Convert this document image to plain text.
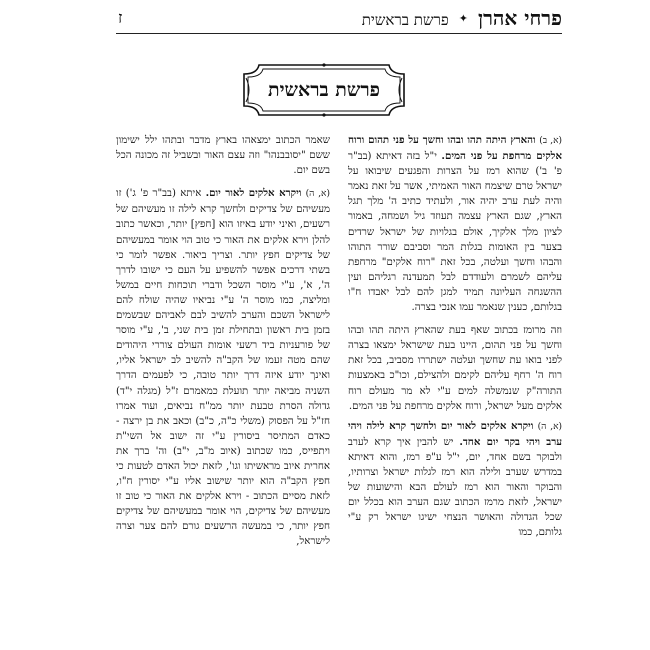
פרחי אהרן
✦
פרשת בראשית
ז
פרשת בראשית

(א, ב) והארץ היתה תהו ובהו וחשך על פני תהום ורוח אלקים מרחפת על פני המים. י"ל בזה דאיתא (בב"ר פ' ב') שהוא רמז על הצרות והפגעים שיבואו על ישראל טרם שיצמח האור האמיתי, אשר על זאת נאמר והיה לעת ערב יהיה אור, ולעתיד כתיב ה' מלך תגל הארץ, שגם הארץ עצמה תעוזד גיל ושמחה, באמור לציון מלך אלקיך, אולם בגלויות של ישראל שרדים בצער בין האומות בגלות המר וסביבם שורר התוהו והבהו וחשך ועלטה, בכל זאת "רוח אלקים" מרחפת עליהם לשמרם ולעודדם לבל תמעדנה רגליהם ועין ההשגחה העליונה תמיד למגן להם לבל יאבדו ח"ו בגלותם, כענין שנאמר עמו אנכי בצרה.

וזה מרומז בכתוב שאף בעת שהארץ היתה תהו ובהו וחשך על פני תהום, היינו בעת שישראל ימצאו בצרה לפני בואו עת שחשך ועלטה ישתררו מסביב, בכל זאת רוח ה' רחף עליהם לקימם ולהצילם, וכו"כ באמצעות התורה"ק שנמשלה למים ע"י לא מר מעולם רוח אלקים מעל ישראל, ורוח אלקים מרחפת על פני המים.

(א, ה) ויקרא אלקים לאור יום ולחשך קרא לילה ויהי ערב ויהי בקר יום אחד. יש להבין איך קרא לערב ולבוקר בשם אחד, יום, י"ל ע"פ רמז, והוא דאיתא במדרש שערב ולילה הוא רמז לגלות ישראל וצרותיו, והבוקר והאור הוא רמז לעולם הבא והישועות של ישראל, לזאת מרמז הכתוב שגם הערב הוא בכלל יום שכל הגדולה והאושר הנצחי ישיגו ישראל רק ע"י גלותם, כמו

שאמר הכתוב ימצאהו בארץ מדבר ובתהו ילל ישימון ששם "יסובבנהו" וזה עצם האור ובשביל זה מכונה הכל בשם יום.

(א, ה) ויקרא אלקים לאור יום. איתא (בב"ר פ' ג') זו מעשיהם של צדיקים ולחשך קרא לילה זו מעשיהם של רשעים, ואיני יודע באיזו הוא [חפץ] יותר, וכאשר כתוב להלן וירא אלקים את האור כי טוב הוי אומר במעשיהם של צדיקים חפץ יותר. וצריך ביאור. אפשר לומר כי בשתי דרכים אפשר להשפיע על העם כי ישובו לדרך ה', א', ע"י מוסר השכל ודברי תוכחות חיים במשל ומליצה, כמו מוסר ה' ע"י נביאיו שהיה שולח להם לישראל השכם והערב להשיב לבם לאביהם שבשמים בזמן בית ראשון ובתחילת זמן בית שני, ב', ע"י מוסר של פורעניות ביד רשעי אומות העולם צוררי היהודים שהם מטה זעמו של הקב"ה להשיב לב ישראל אליו, ואינך יודע איזה דרך יותר טובה, כי לפעמים הדרך השניה מביאה יותר תועלת כמאמרם ז"ל (מגלה י"ד) גדולה הסרת טבעת יותר ממ"ח נביאים, ועוד אמרו חז"ל על הפסוק (משלי כ"ה, כ"ב) וכאב את בן ירצה - כאדם המתיסר ביסורין ע"י זה ישוב אל השי"ת ויתפייס, כמו שכתוב (איוב מ"ב, י"ב) וה' ברך את אחרית איוב מראשיתו וגו', לזאת יכול האדם לטעות כי חפץ הקב"ה הוא יותר שישוב אליו ע"י יסורין ח"ו, לזאת מסיים הכתוב - וירא אלקים את האור כי טוב זו מעשיהם של צדיקים, הוי אומר במעשיהם של צדיקים חפץ יותר, כי במעשה הרשעים גורם להם צער וצרה לישראל,
